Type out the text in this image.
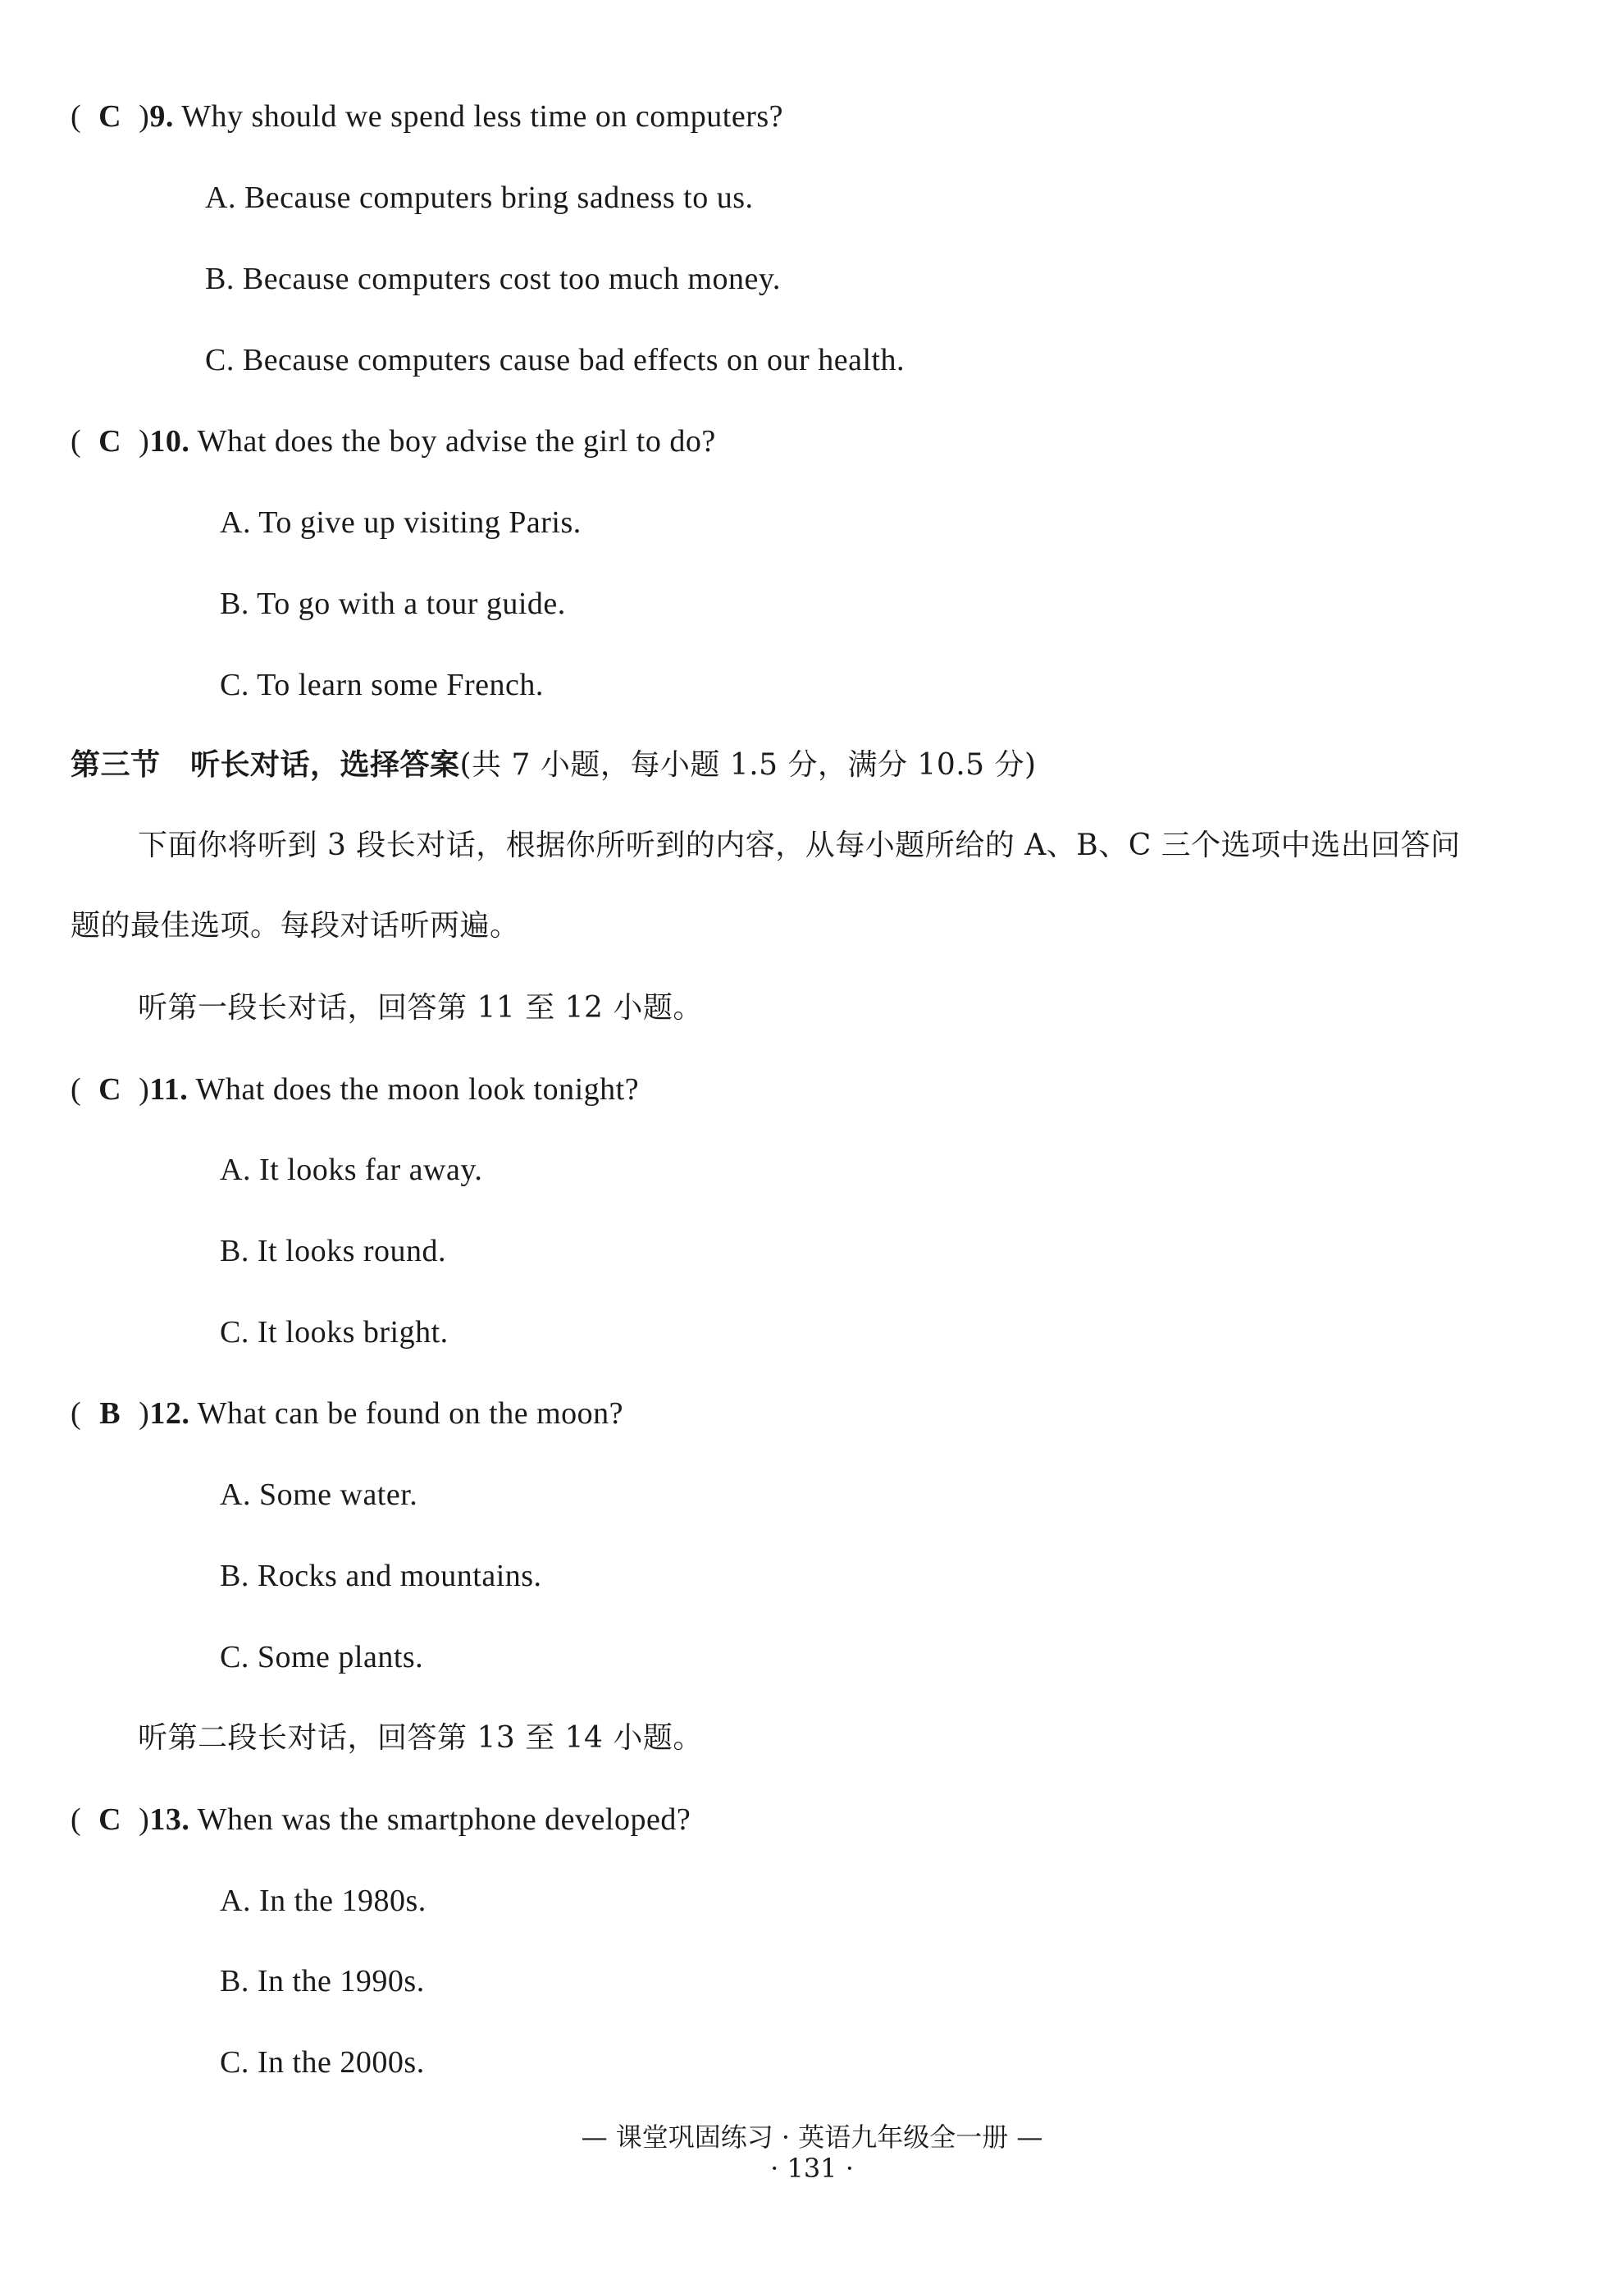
( C )9. Why should we spend less time on computers?
A. Because computers bring sadness to us.
B. Because computers cost too much money.
C. Because computers cause bad effects on our health.
( C )10. What does the boy advise the girl to do?
A. To give up visiting Paris.
B. To go with a tour guide.
C. To learn some French.
第三节　听长对话，选择答案(共 7 小题，每小题 1.5 分，满分 10.5 分)
下面你将听到 3 段长对话，根据你所听到的内容，从每小题所给的 A、B、C 三个选项中选出回答问
题的最佳选项。每段对话听两遍。
听第一段长对话，回答第 11 至 12 小题。
( C )11. What does the moon look tonight?
A. It looks far away.
B. It looks round.
C. It looks bright.
( B )12. What can be found on the moon?
A. Some water.
B. Rocks and mountains.
C. Some plants.
听第二段长对话，回答第 13 至 14 小题。
( C )13. When was the smartphone developed?
A. In the 1980s.
B. In the 1990s.
C. In the 2000s.
— 课堂巩固练习 · 英语九年级全一册 —
· 131 ·
